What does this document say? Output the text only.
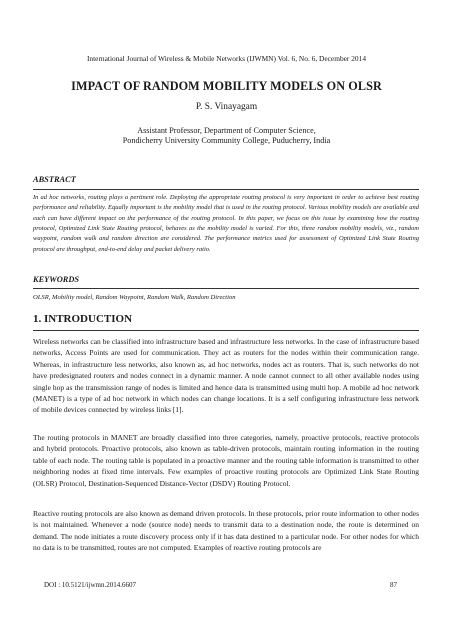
International Journal of Wireless & Mobile Networks (IJWMN) Vol. 6, No. 6, December 2014
IMPACT OF RANDOM MOBILITY MODELS ON OLSR
P. S. Vinayagam
Assistant Professor, Department of Computer Science,
Pondicherry University Community College, Puducherry, India
ABSTRACT
In ad hoc networks, routing plays a pertinent role. Deploying the appropriate routing protocol is very important in order to achieve best routing performance and reliability. Equally important is the mobility model that is used in the routing protocol. Various mobility models are available and each can have different impact on the performance of the routing protocol. In this paper, we focus on this issue by examining how the routing protocol, Optimized Link State Routing protocol, behaves as the mobility model is varied. For this, three random mobility models, viz., random waypoint, random walk and random direction are considered. The performance metrics used for assessment of Optimized Link State Routing protocol are throughput, end-to-end delay and packet delivery ratio.
KEYWORDS
OLSR, Mobility model, Random Waypoint, Random Walk, Random Direction
1. INTRODUCTION
Wireless networks can be classified into infrastructure based and infrastructure less networks. In the case of infrastructure based networks, Access Points are used for communication. They act as routers for the nodes within their communication range. Whereas, in infrastructure less networks, also known as, ad hoc networks, nodes act as routers. That is, such networks do not have predesignated routers and nodes connect in a dynamic manner. A node cannot connect to all other available nodes using single hop as the transmission range of nodes is limited and hence data is transmitted using multi hop. A mobile ad hoc network (MANET) is a type of ad hoc network in which nodes can change locations. It is a self configuring infrastructure less network of mobile devices connected by wireless links [1].
The routing protocols in MANET are broadly classified into three categories, namely, proactive protocols, reactive protocols and hybrid protocols. Proactive protocols, also known as table-driven protocols, maintain routing information in the routing table of each node. The routing table is populated in a proactive manner and the routing table information is transmitted to other neighboring nodes at fixed time intervals. Few examples of proactive routing protocols are Optimized Link State Routing (OLSR) Protocol, Destination-Sequenced Distance-Vector (DSDV) Routing Protocol.
Reactive routing protocols are also known as demand driven protocols. In these protocols, prior route information to other nodes is not maintained. Whenever a node (source node) needs to transmit data to a destination node, the route is determined on demand. The node initiates a route discovery process only if it has data destined to a particular node. For other nodes for which no data is to be transmitted, routes are not computed. Examples of reactive routing protocols are
DOI : 10.5121/ijwmn.2014.6607	87
